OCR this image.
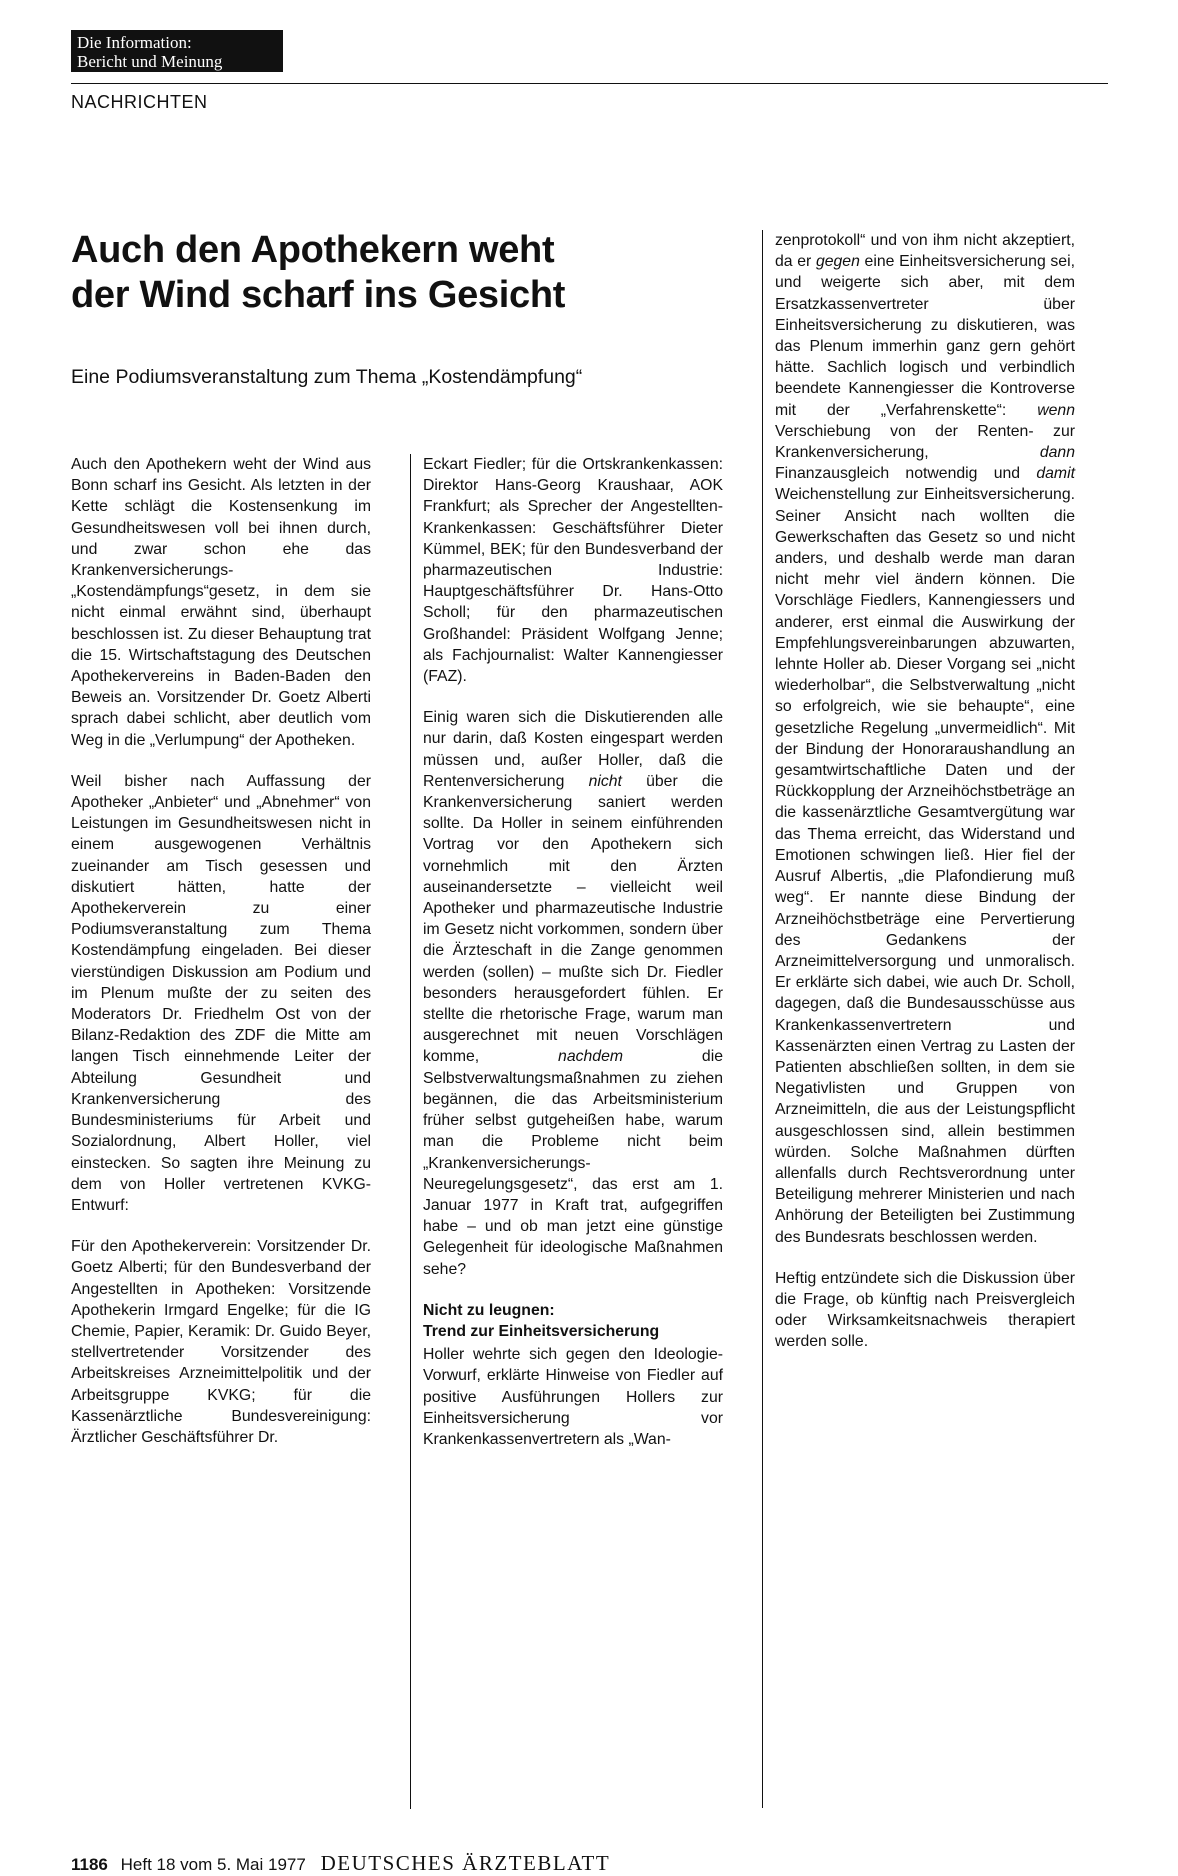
Die Information:
Bericht und Meinung
NACHRICHTEN
Auch den Apothekern weht
der Wind scharf ins Gesicht
Eine Podiumsveranstaltung zum Thema „Kostendämpfung“

Auch den Apothekern weht der Wind aus Bonn scharf ins Gesicht. Als letzten in der Kette schlägt die Kostensenkung im Gesundheitswesen voll bei ihnen durch, und zwar schon ehe das Krankenversicherungs-„Kostendämpfungs“gesetz, in dem sie nicht einmal erwähnt sind, überhaupt beschlossen ist. Zu dieser Behauptung trat die 15. Wirtschaftstagung des Deutschen Apothekervereins in Baden-Baden den Beweis an. Vorsitzender Dr. Goetz Alberti sprach dabei schlicht, aber deutlich vom Weg in die „Verlumpung“ der Apotheken.

Weil bisher nach Auffassung der Apotheker „Anbieter“ und „Abnehmer“ von Leistungen im Gesundheitswesen nicht in einem ausgewogenen Verhältnis zueinander am Tisch gesessen und diskutiert hätten, hatte der Apothekerverein zu einer Podiumsveranstaltung zum Thema Kostendämpfung eingeladen. Bei dieser vierstündigen Diskussion am Podium und im Plenum mußte der zu seiten des Moderators Dr. Friedhelm Ost von der Bilanz-Redaktion des ZDF die Mitte am langen Tisch einnehmende Leiter der Abteilung Gesundheit und Krankenversicherung des Bundesministeriums für Arbeit und Sozialordnung, Albert Holler, viel einstecken. So sagten ihre Meinung zu dem von Holler vertretenen KVKG-Entwurf:

Für den Apothekerverein: Vorsitzender Dr. Goetz Alberti; für den Bundesverband der Angestellten in Apotheken: Vorsitzende Apothekerin Irmgard Engelke; für die IG Chemie, Papier, Keramik: Dr. Guido Beyer, stellvertretender Vorsitzender des Arbeitskreises Arzneimittelpolitik und der Arbeitsgruppe KVKG; für die Kassenärztliche Bundesvereinigung: Ärztlicher Geschäftsführer Dr.

Eckart Fiedler; für die Ortskrankenkassen: Direktor Hans-Georg Kraushaar, AOK Frankfurt; als Sprecher der Angestellten-Krankenkassen: Geschäftsführer Dieter Kümmel, BEK; für den Bundesverband der pharmazeutischen Industrie: Hauptgeschäftsführer Dr. Hans-Otto Scholl; für den pharmazeutischen Großhandel: Präsident Wolfgang Jenne; als Fachjournalist: Walter Kannengiesser (FAZ).

Einig waren sich die Diskutierenden alle nur darin, daß Kosten eingespart werden müssen und, außer Holler, daß die Rentenversicherung nicht über die Krankenversicherung saniert werden sollte. Da Holler in seinem einführenden Vortrag vor den Apothekern sich vornehmlich mit den Ärzten auseinandersetzte – vielleicht weil Apotheker und pharmazeutische Industrie im Gesetz nicht vorkommen, sondern über die Ärzteschaft in die Zange genommen werden (sollen) – mußte sich Dr. Fiedler besonders herausgefordert fühlen. Er stellte die rhetorische Frage, warum man ausgerechnet mit neuen Vorschlägen komme, nachdem die Selbstverwaltungsmaßnahmen zu ziehen begännen, die das Arbeitsministerium früher selbst gutgeheißen habe, warum man die Probleme nicht beim „Krankenversicherungs-Neuregelungsgesetz“, das erst am 1. Januar 1977 in Kraft trat, aufgegriffen habe – und ob man jetzt eine günstige Gelegenheit für ideologische Maßnahmen sehe?

Nicht zu leugnen:
Trend zur Einheitsversicherung

Holler wehrte sich gegen den Ideologie-Vorwurf, erklärte Hinweise von Fiedler auf positive Ausführungen Hollers zur Einheitsversicherung vor Krankenkassenvertretern als „Wan-

zenprotokoll“ und von ihm nicht akzeptiert, da er gegen eine Einheitsversicherung sei, und weigerte sich aber, mit dem Ersatzkassenvertreter über Einheitsversicherung zu diskutieren, was das Plenum immerhin ganz gern gehört hätte. Sachlich logisch und verbindlich beendete Kannengiesser die Kontroverse mit der „Verfahrenskette“: wenn Verschiebung von der Renten- zur Krankenversicherung, dann Finanzausgleich notwendig und damit Weichenstellung zur Einheitsversicherung. Seiner Ansicht nach wollten die Gewerkschaften das Gesetz so und nicht anders, und deshalb werde man daran nicht mehr viel ändern können. Die Vorschläge Fiedlers, Kannengiessers und anderer, erst einmal die Auswirkung der Empfehlungsvereinbarungen abzuwarten, lehnte Holler ab. Dieser Vorgang sei „nicht wiederholbar“, die Selbstverwaltung „nicht so erfolgreich, wie sie behaupte“, eine gesetzliche Regelung „unvermeidlich“. Mit der Bindung der Honoraraushandlung an gesamtwirtschaftliche Daten und der Rückkopplung der Arzneihöchstbeträge an die kassenärztliche Gesamtvergütung war das Thema erreicht, das Widerstand und Emotionen schwingen ließ. Hier fiel der Ausruf Albertis, „die Plafondierung muß weg“. Er nannte diese Bindung der Arzneihöchstbeträge eine Pervertierung des Gedankens der Arzneimittelversorgung und unmoralisch. Er erklärte sich dabei, wie auch Dr. Scholl, dagegen, daß die Bundesausschüsse aus Krankenkassenvertretern und Kassenärzten einen Vertrag zu Lasten der Patienten abschließen sollten, in dem sie Negativlisten und Gruppen von Arzneimitteln, die aus der Leistungspflicht ausgeschlossen sind, allein bestimmen würden. Solche Maßnahmen dürften allenfalls durch Rechtsverordnung unter Beteiligung mehrerer Ministerien und nach Anhörung der Beteiligten bei Zustimmung des Bundesrats beschlossen werden.

Heftig entzündete sich die Diskussion über die Frage, ob künftig nach Preisvergleich oder Wirksamkeitsnachweis therapiert werden solle.

1186 Heft 18 vom 5. Mai 1977 DEUTSCHES ÄRZTEBLATT
